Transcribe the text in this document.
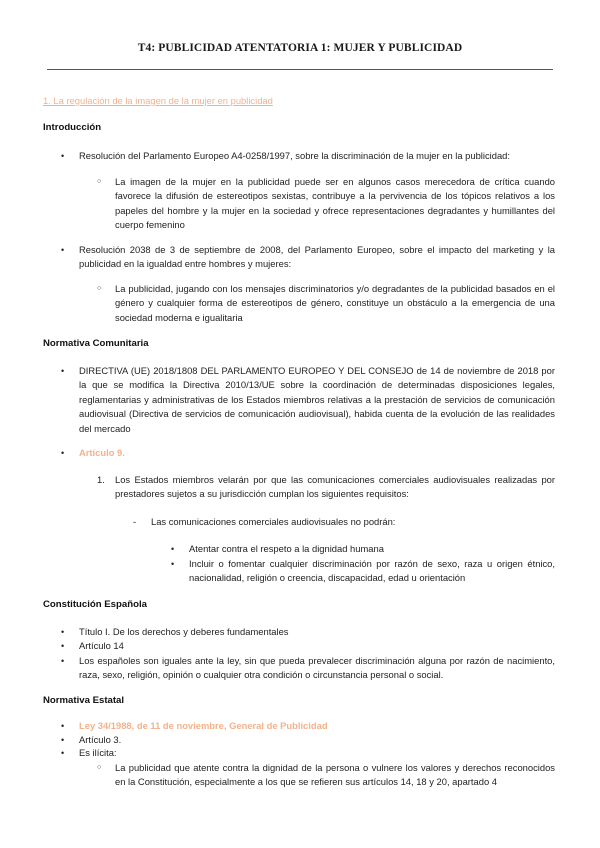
T4: PUBLICIDAD ATENTATORIA 1: MUJER Y PUBLICIDAD
1. La regulación de la imagen de la mujer en publicidad
Introducción
• Resolución del Parlamento Europeo A4-0258/1997, sobre la discriminación de la mujer en la publicidad:

○ La imagen de la mujer en la publicidad puede ser en algunos casos merecedora de crítica cuando favorece la difusión de estereotipos sexistas, contribuye a la pervivencia de los tópicos relativos a los papeles del hombre y la mujer en la sociedad y ofrece representaciones degradantes y humillantes del cuerpo femenino

• Resolución 2038 de 3 de septiembre de 2008, del Parlamento Europeo, sobre el impacto del marketing y la publicidad en la igualdad entre hombres y mujeres:

○ La publicidad, jugando con los mensajes discriminatorios y/o degradantes de la publicidad basados en el género y cualquier forma de estereotipos de género, constituye un obstáculo a la emergencia de una sociedad moderna e igualitaria

Normativa Comunitaria
• DIRECTIVA (UE) 2018/1808 DEL PARLAMENTO EUROPEO Y DEL CONSEJO de 14 de noviembre de 2018 por la que se modifica la Directiva 2010/13/UE sobre la coordinación de determinadas disposiciones legales, reglamentarias y administrativas de los Estados miembros relativas a la prestación de servicios de comunicación audiovisual (Directiva de servicios de comunicación audiovisual), habida cuenta de la evolución de las realidades del mercado

• Artículo 9.

1. Los Estados miembros velarán por que las comunicaciones comerciales audiovisuales realizadas por prestadores sujetos a su jurisdicción cumplan los siguientes requisitos:

- Las comunicaciones comerciales audiovisuales no podrán:

• Atentar contra el respeto a la dignidad humana

• Incluir o fomentar cualquier discriminación por razón de sexo, raza u origen étnico, nacionalidad, religión o creencia, discapacidad, edad u orientación

Constitución Española
• Título I. De los derechos y deberes fundamentales

• Artículo 14

• Los españoles son iguales ante la ley, sin que pueda prevalecer discriminación alguna por razón de nacimiento, raza, sexo, religión, opinión o cualquier otra condición o circunstancia personal o social.

Normativa Estatal
• Ley 34/1988, de 11 de noviembre, General de Publicidad

• Artículo 3.

• Es ilícita:

○ La publicidad que atente contra la dignidad de la persona o vulnere los valores y derechos reconocidos en la Constitución, especialmente a los que se refieren sus artículos 14, 18 y 20, apartado 4
